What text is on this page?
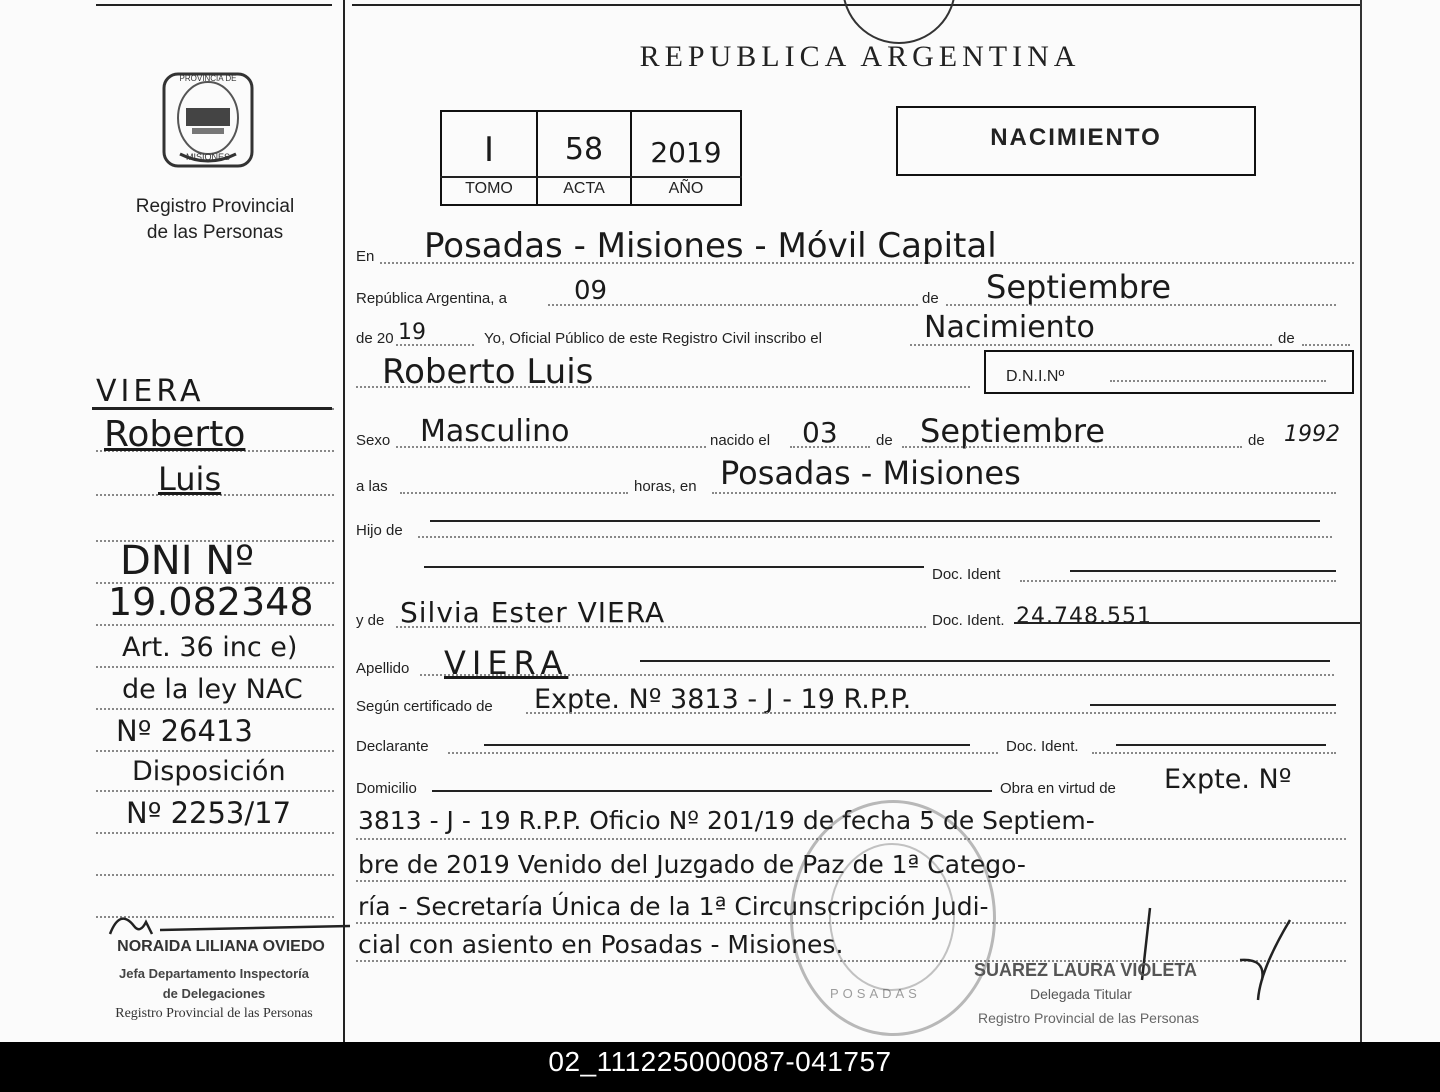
PROVINCIA DE
MISIONES
Registro Provincial
de las Personas
VIERA
Roberto
Luis
DNI Nº
19.082348
Art. 36 inc e)
de la ley NAC
Nº 26413
Disposición
Nº 2253/17
NORAIDA LILIANA OVIEDO
Jefa Departamento Inspectoría
de Delegaciones
Registro Provincial de las Personas
REPUBLICA ARGENTINA
I	58	2019
TOMO	ACTA	AÑO
NACIMIENTO
En Posadas - Misiones - Móvil Capital
República Argentina, a	09	de Septiembre
de 20 19	Yo, Oficial Público de este Registro Civil inscribo el	Nacimiento	de
Roberto Luis	D.N.I.Nº
Sexo Masculino	nacido el 03	de Septiembre	de 1992
a las	horas, en Posadas - Misiones
Hijo de
Doc. Ident
y de Silvia Ester VIERA	Doc. Ident. 24.748.551
Apellido VIERA
Según certificado de Expte. Nº 3813 - J - 19 R.P.P.
Declarante	Doc. Ident.
Domicilio	Obra en virtud de Expte. Nº
3813 - J - 19 R.P.P. Oficio Nº 201/19 de fecha 5 de Septiem-
bre de 2019 Venido del Juzgado de Paz de 1ª Catego-
ría - Secretaría Única de la 1ª Circunscripción Judi-
cial con asiento en Posadas - Misiones.
POSADAS
SUAREZ LAURA VIOLETA
Delegada Titular
Registro Provincial de las Personas
02_111225000087-041757
